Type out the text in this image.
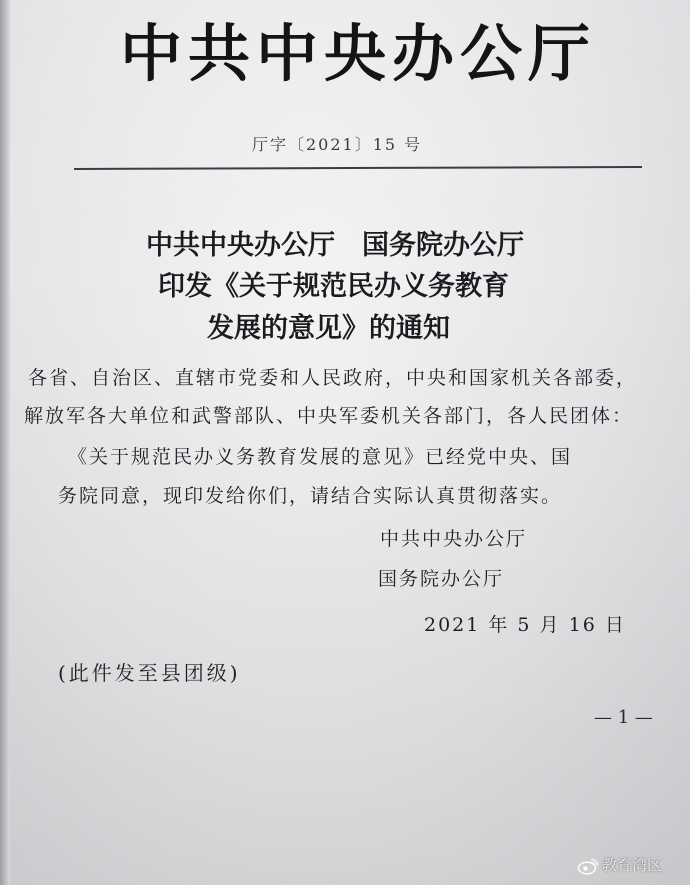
中共中央办公厅
厅字〔2021〕15 号
中共中央办公厅　国务院办公厅
印发《关于规范民办义务教育
发展的意见》的通知
各省、自治区、直辖市党委和人民政府，中央和国家机关各部委，
解放军各大单位和武警部队、中央军委机关各部门，各人民团体：
《关于规范民办义务教育发展的意见》已经党中央、国
务院同意，现印发给你们，请结合实际认真贯彻落实。
中共中央办公厅
国务院办公厅
2021 年 5 月 16 日
(此件发至县团级)
— 1 —
教育湾区
